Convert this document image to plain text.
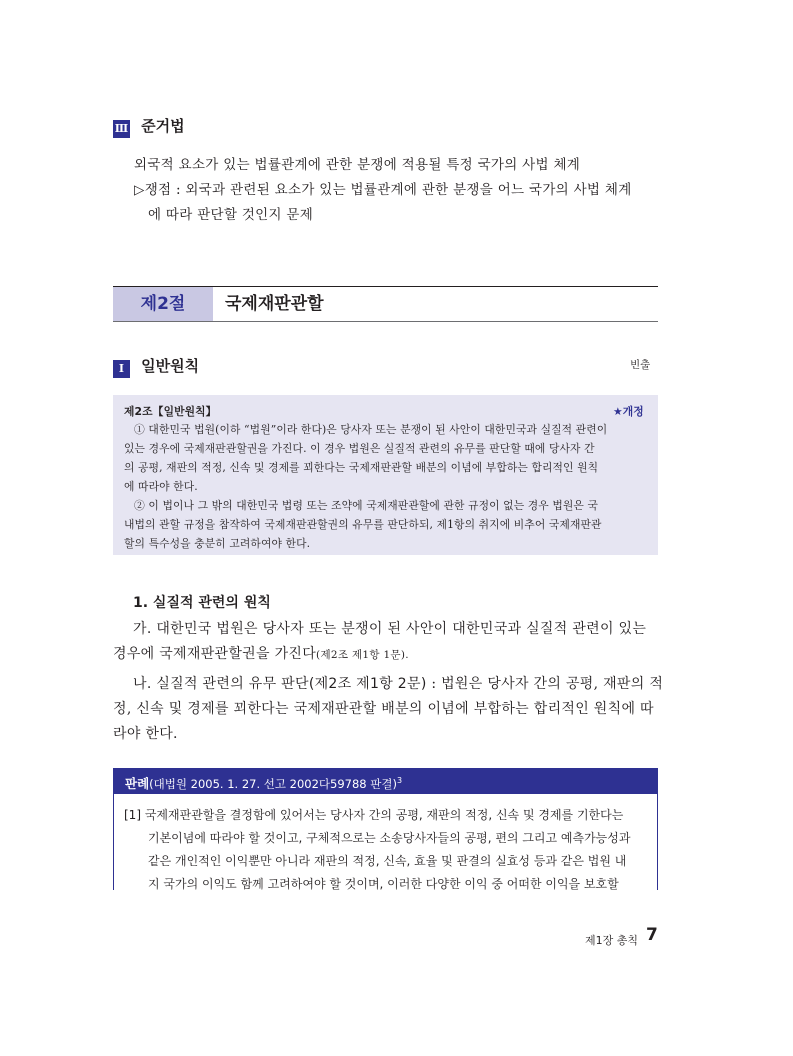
Ⅲ 준거법
외국적 요소가 있는 법률관계에 관한 분쟁에 적용될 특정 국가의 사법 체계
▷쟁점 : 외국과 관련된 요소가 있는 법률관계에 관한 분쟁을 어느 국가의 사법 체계
에 따라 판단할 것인지 문제
제2절	국제재판관할
I 일반원칙	빈출
제2조【일반원칙】	★개정
① 대한민국 법원(이하 “법원”이라 한다)은 당사자 또는 분쟁이 된 사안이 대한민국과 실질적 관련이
있는 경우에 국제재판관할권을 가진다. 이 경우 법원은 실질적 관련의 유무를 판단할 때에 당사자 간
의 공평, 재판의 적정, 신속 및 경제를 꾀한다는 국제재판관할 배분의 이념에 부합하는 합리적인 원칙
에 따라야 한다.
② 이 법이나 그 밖의 대한민국 법령 또는 조약에 국제재판관할에 관한 규정이 없는 경우 법원은 국
내법의 관할 규정을 참작하여 국제재판관할권의 유무를 판단하되, 제1항의 취지에 비추어 국제재판관
할의 특수성을 충분히 고려하여야 한다.
1. 실질적 관련의 원칙
가. 대한민국 법원은 당사자 또는 분쟁이 된 사안이 대한민국과 실질적 관련이 있는
경우에 국제재판관할권을 가진다(제2조 제1항 1문).
나. 실질적 관련의 유무 판단(제2조 제1항 2문) : 법원은 당사자 간의 공평, 재판의 적
정, 신속 및 경제를 꾀한다는 국제재판관할 배분의 이념에 부합하는 합리적인 원칙에 따
라야 한다.
판례(대법원 2005. 1. 27. 선고 2002다59788 판결)$^3$
[1] 국제재판관할을 결정함에 있어서는 당사자 간의 공평, 재판의 적정, 신속 및 경제를 기한다는
기본이념에 따라야 할 것이고, 구체적으로는 소송당사자들의 공평, 편의 그리고 예측가능성과
같은 개인적인 이익뿐만 아니라 재판의 적정, 신속, 효율 및 판결의 실효성 등과 같은 법원 내
지 국가의 이익도 함께 고려하여야 할 것이며, 이러한 다양한 이익 중 어떠한 이익을 보호할
제1장 총칙 7
